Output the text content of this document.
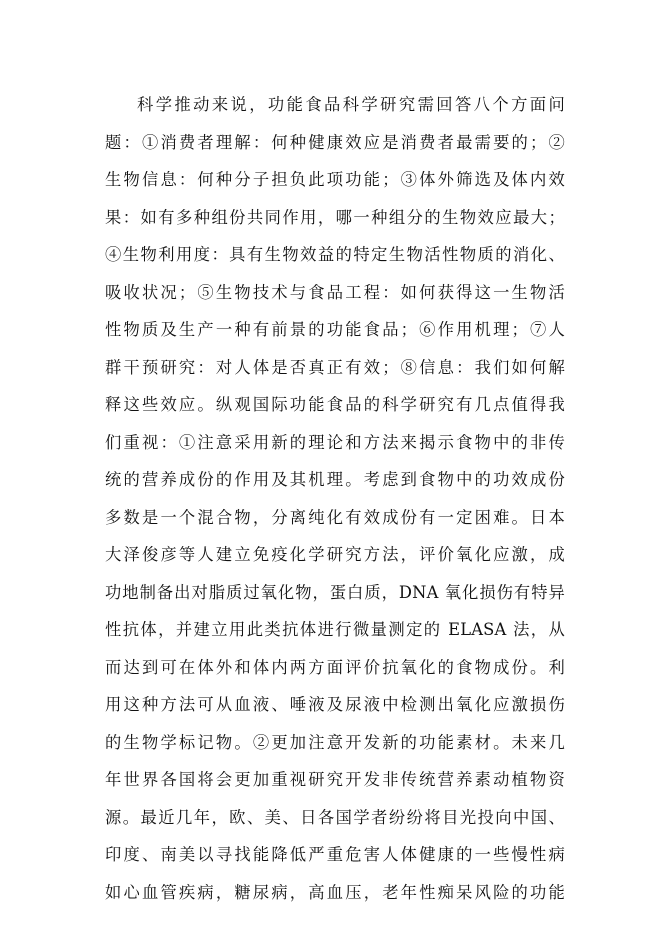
科学推动来说，功能食品科学研究需回答八个方面问
题：①消费者理解：何种健康效应是消费者最需要的；②
生物信息：何种分子担负此项功能；③体外筛选及体内效
果：如有多种组份共同作用，哪一种组分的生物效应最大；
④生物利用度：具有生物效益的特定生物活性物质的消化、
吸收状况；⑤生物技术与食品工程：如何获得这一生物活
性物质及生产一种有前景的功能食品；⑥作用机理；⑦人
群干预研究：对人体是否真正有效；⑧信息：我们如何解
释这些效应。纵观国际功能食品的科学研究有几点值得我
们重视：①注意采用新的理论和方法来揭示食物中的非传
统的营养成份的作用及其机理。考虑到食物中的功效成份
多数是一个混合物，分离纯化有效成份有一定困难。日本
大泽俊彦等人建立免疫化学研究方法，评价氧化应激，成
功地制备出对脂质过氧化物，蛋白质，DNA 氧化损伤有特异
性抗体，并建立用此类抗体进行微量测定的 ELASA 法，从
而达到可在体外和体内两方面评价抗氧化的食物成份。利
用这种方法可从血液、唾液及尿液中检测出氧化应激损伤
的生物学标记物。②更加注意开发新的功能素材。未来几
年世界各国将会更加重视研究开发非传统营养素动植物资
源。最近几年，欧、美、日各国学者纷纷将目光投向中国、
印度、南美以寻找能降低严重危害人体健康的一些慢性病
如心血管疾病，糖尿病，高血压，老年性痴呆风险的功能
